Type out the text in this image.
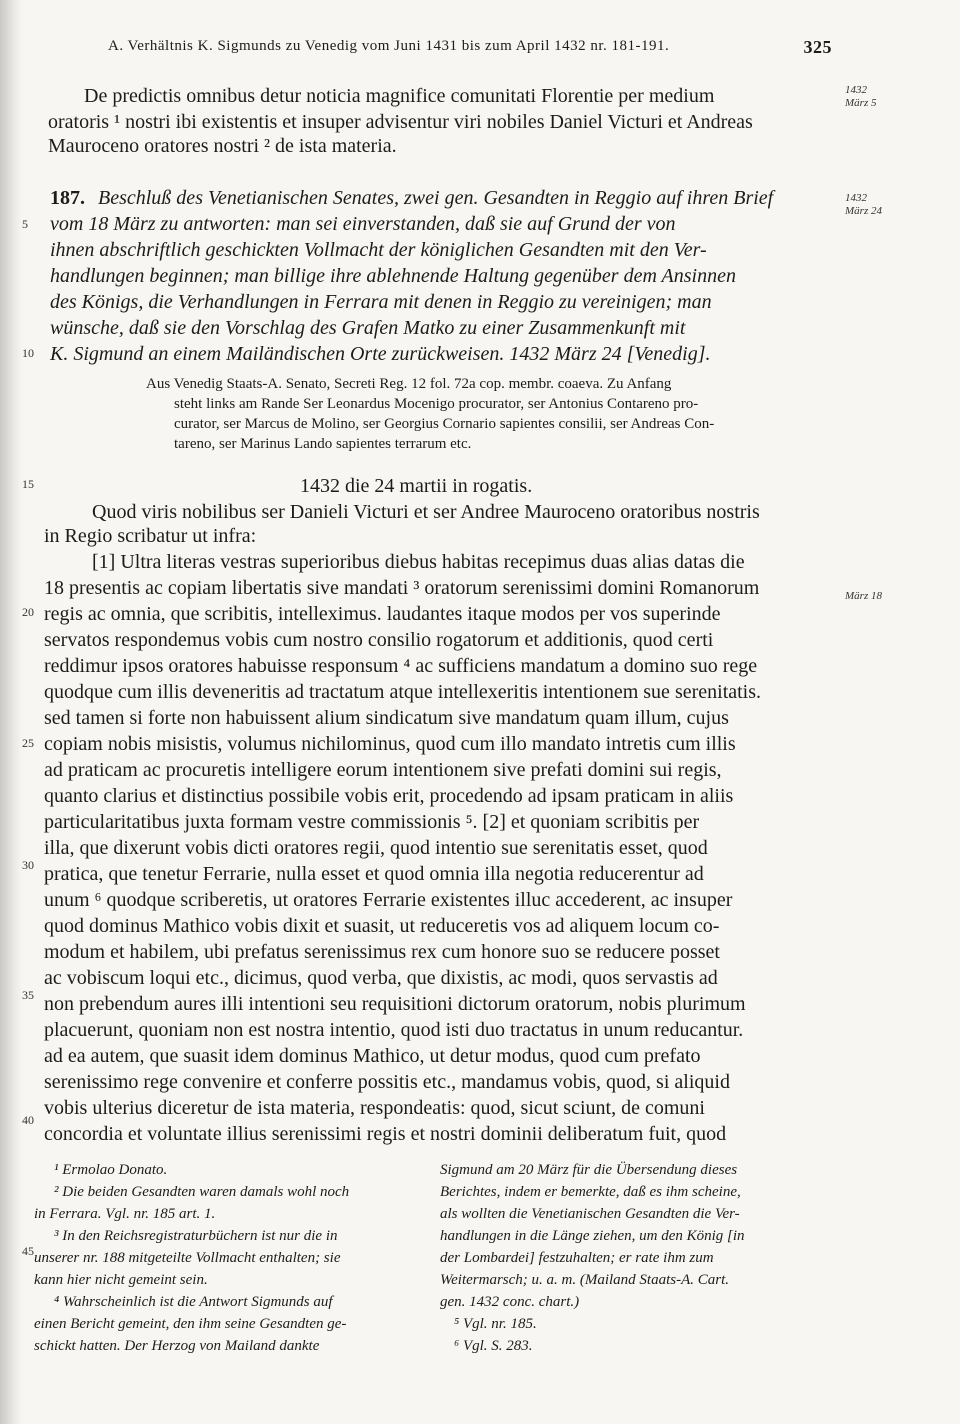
A. Verhältnis K. Sigmunds zu Venedig vom Juni 1431 bis zum April 1432 nr. 181-191.	325
1432
März 5
1432
März 24
März 18
5
10
15
20
25
30
35
40
45
De predictis omnibus detur noticia magnifice comunitati Florentie per medium
oratoris ¹ nostri ibi existentis et insuper advisentur viri nobiles Daniel Victuri et Andreas
Mauroceno oratores nostri ² de ista materia.
187. Beschluß des Venetianischen Senates, zwei gen. Gesandten in Reggio auf ihren Brief
vom 18 März zu antworten: man sei einverstanden, daß sie auf Grund der von
ihnen abschriftlich geschickten Vollmacht der königlichen Gesandten mit den Ver-
handlungen beginnen; man billige ihre ablehnende Haltung gegenüber dem Ansinnen
des Königs, die Verhandlungen in Ferrara mit denen in Reggio zu vereinigen; man
wünsche, daß sie den Vorschlag des Grafen Matko zu einer Zusammenkunft mit
K. Sigmund an einem Mailändischen Orte zurückweisen. 1432 März 24 [Venedig].
Aus Venedig Staats-A. Senato, Secreti Reg. 12 fol. 72a cop. membr. coaeva. Zu Anfang
steht links am Rande Ser Leonardus Mocenigo procurator, ser Antonius Contareno pro-
curator, ser Marcus de Molino, ser Georgius Cornario sapientes consilii, ser Andreas Con-
tareno, ser Marinus Lando sapientes terrarum etc.
1432 die 24 martii in rogatis.
Quod viris nobilibus ser Danieli Victuri et ser Andree Mauroceno oratoribus nostris
in Regio scribatur ut infra:
[1] Ultra literas vestras superioribus diebus habitas recepimus duas alias datas die
18 presentis ac copiam libertatis sive mandati ³ oratorum serenissimi domini Romanorum
regis ac omnia, que scribitis, intelleximus. laudantes itaque modos per vos superinde
servatos respondemus vobis cum nostro consilio rogatorum et additionis, quod certi
reddimur ipsos oratores habuisse responsum ⁴ ac sufficiens mandatum a domino suo rege
quodque cum illis deveneritis ad tractatum atque intellexeritis intentionem sue serenitatis.
sed tamen si forte non habuissent alium sindicatum sive mandatum quam illum, cujus
copiam nobis misistis, volumus nichilominus, quod cum illo mandato intretis cum illis
ad praticam ac procuretis intelligere eorum intentionem sive prefati domini sui regis,
quanto clarius et distinctius possibile vobis erit, procedendo ad ipsam praticam in aliis
particularitatibus juxta formam vestre commissionis ⁵. [2] et quoniam scribitis per
illa, que dixerunt vobis dicti oratores regii, quod intentio sue serenitatis esset, quod
pratica, que tenetur Ferrarie, nulla esset et quod omnia illa negotia reducerentur ad
unum ⁶ quodque scriberetis, ut oratores Ferrarie existentes illuc accederent, ac insuper
quod dominus Mathico vobis dixit et suasit, ut reduceretis vos ad aliquem locum co-
modum et habilem, ubi prefatus serenissimus rex cum honore suo se reducere posset
ac vobiscum loqui etc., dicimus, quod verba, que dixistis, ac modi, quos servastis ad
non prebendum aures illi intentioni seu requisitioni dictorum oratorum, nobis plurimum
placuerunt, quoniam non est nostra intentio, quod isti duo tractatus in unum reducantur.
ad ea autem, que suasit idem dominus Mathico, ut detur modus, quod cum prefato
serenissimo rege convenire et conferre possitis etc., mandamus vobis, quod, si aliquid
vobis ulterius diceretur de ista materia, respondeatis: quod, sicut sciunt, de comuni
concordia et voluntate illius serenissimi regis et nostri dominii deliberatum fuit, quod
¹ Ermolao Donato.
² Die beiden Gesandten waren damals wohl noch
in Ferrara. Vgl. nr. 185 art. 1.
³ In den Reichsregistraturbüchern ist nur die in
unserer nr. 188 mitgeteilte Vollmacht enthalten; sie
kann hier nicht gemeint sein.
⁴ Wahrscheinlich ist die Antwort Sigmunds auf
einen Bericht gemeint, den ihm seine Gesandten ge-
schickt hatten. Der Herzog von Mailand dankte
Sigmund am 20 März für die Übersendung dieses
Berichtes, indem er bemerkte, daß es ihm scheine,
als wollten die Venetianischen Gesandten die Ver-
handlungen in die Länge ziehen, um den König [in
der Lombardei] festzuhalten; er rate ihm zum
Weitermarsch; u. a. m. (Mailand Staats-A. Cart.
gen. 1432 conc. chart.)
⁵ Vgl. nr. 185.
⁶ Vgl. S. 283.
